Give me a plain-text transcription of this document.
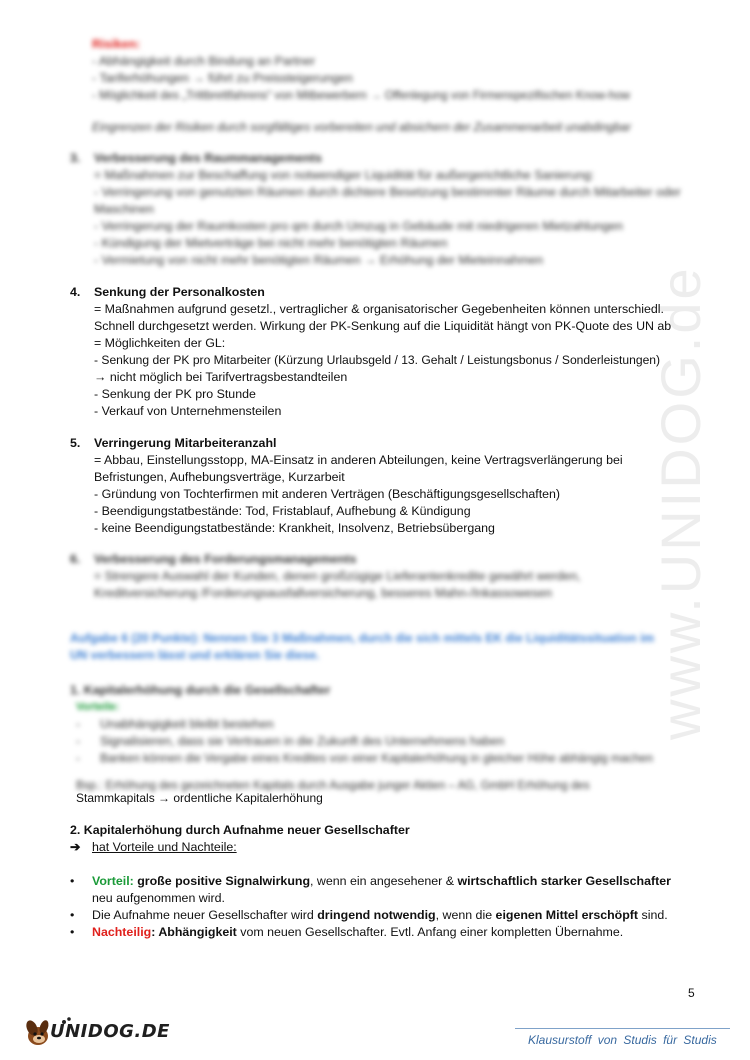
www.UNIDOG.de
Risiken:
- Abhängigkeit durch Bindung an Partner
- Tariferhöhungen → führt zu Preissteigerungen
- Möglichkeit des „Trittbrettfahrens“ von Mitbewerbern → Offenlegung von Firmenspezifischen Know-how
Eingrenzen der Risiken durch sorgfältiges vorbereiten und absichern der Zusammenarbeit unabdingbar
3. Verbesserung des Raummanagements
= Maßnahmen zur Beschaffung von notwendiger Liquidität für außergerichtliche Sanierung:
- Verringerung von genutzten Räumen durch dichtere Besetzung bestimmter Räume durch Mitarbeiter oder
Maschinen
- Verringerung der Raumkosten pro qm durch Umzug in Gebäude mit niedrigeren Mietzahlungen
- Kündigung der Mietverträge bei nicht mehr benötigten Räumen
- Vermietung von nicht mehr benötigten Räumen → Erhöhung der Mieteinnahmen
4. Senkung der Personalkosten
= Maßnahmen aufgrund gesetzl., vertraglicher & organisatorischer Gegebenheiten können unterschiedl.
Schnell durchgesetzt werden. Wirkung der PK-Senkung auf die Liquidität hängt von PK-Quote des UN ab
= Möglichkeiten der GL:
- Senkung der PK pro Mitarbeiter (Kürzung Urlaubsgeld / 13. Gehalt / Leistungsbonus / Sonderleistungen)
→ nicht möglich bei Tarifvertragsbestandteilen
- Senkung der PK pro Stunde
- Verkauf von Unternehmensteilen
5. Verringerung Mitarbeiteranzahl
= Abbau, Einstellungsstopp, MA-Einsatz in anderen Abteilungen, keine Vertragsverlängerung bei
Befristungen, Aufhebungsverträge, Kurzarbeit
- Gründung von Tochterfirmen mit anderen Verträgen (Beschäftigungsgesellschaften)
- Beendigungstatbestände: Tod, Fristablauf, Aufhebung & Kündigung
- keine Beendigungstatbestände: Krankheit, Insolvenz, Betriebsübergang
6. Verbesserung des Forderungsmanagements
= Strengere Auswahl der Kunden, denen großzügige Lieferantenkredite gewährt werden,
Kreditversicherung /Forderungsausfallversicherung, besseres Mahn-/Inkassowesen
Aufgabe 6 (20 Punkte): Nennen Sie 3 Maßnahmen, durch die sich mittels EK die Liquiditätssituation im
UN verbessern lässt und erklären Sie diese.
1. Kapitalerhöhung durch die Gesellschafter
Vorteile:
- Unabhängigkeit bleibt bestehen
- Signalisieren, dass sie Vertrauen in die Zukunft des Unternehmens haben
- Banken können die Vergabe eines Kredites von einer Kapitalerhöhung in gleicher Höhe abhängig machen
Bsp.: Erhöhung des gezeichneten Kapitals durch Ausgabe junger Aktien – AG, GmbH Erhöhung des
Stammkapitals → ordentliche Kapitalerhöhung
2. Kapitalerhöhung durch Aufnahme neuer Gesellschafter
➔ hat Vorteile und Nachteile:
• Vorteil: große positive Signalwirkung, wenn ein angesehener & wirtschaftlich starker Gesellschafter
neu aufgenommen wird.
• Die Aufnahme neuer Gesellschafter wird dringend notwendig, wenn die eigenen Mittel erschöpft sind.
• Nachteilig: Abhängigkeit vom neuen Gesellschafter. Evtl. Anfang einer kompletten Übernahme.
5
UNIDOG.DE	Klausurstoff von Studis für Studis
